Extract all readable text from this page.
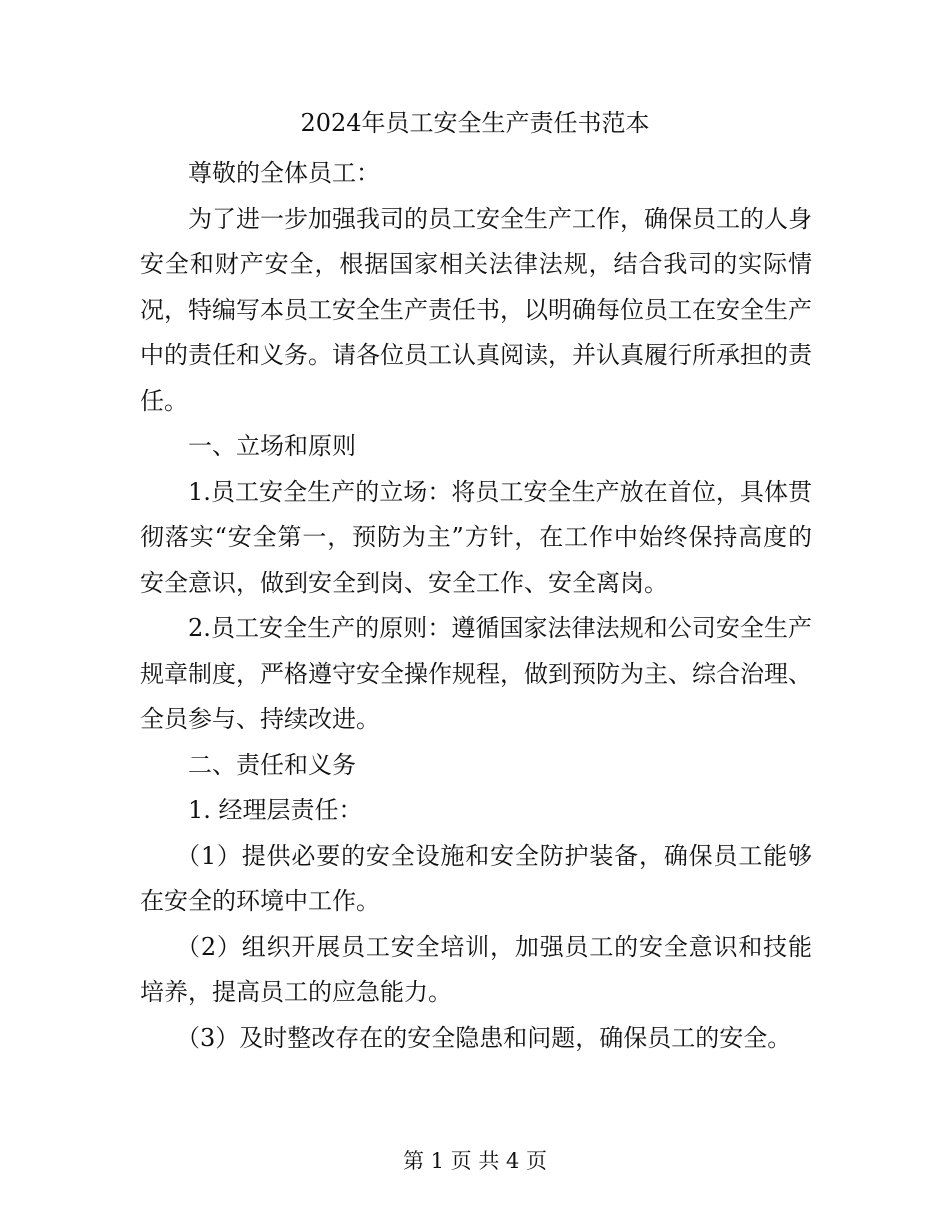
2024年员工安全生产责任书范本

尊敬的全体员工：

为了进一步加强我司的员工安全生产工作，确保员工的人身安全和财产安全，根据国家相关法律法规，结合我司的实际情况，特编写本员工安全生产责任书，以明确每位员工在安全生产中的责任和义务。请各位员工认真阅读，并认真履行所承担的责任。

一、立场和原则

1.员工安全生产的立场：将员工安全生产放在首位，具体贯彻落实“安全第一，预防为主”方针，在工作中始终保持高度的安全意识，做到安全到岗、安全工作、安全离岗。

2.员工安全生产的原则：遵循国家法律法规和公司安全生产规章制度，严格遵守安全操作规程，做到预防为主、综合治理、全员参与、持续改进。

二、责任和义务

1. 经理层责任：

（1）提供必要的安全设施和安全防护装备，确保员工能够在安全的环境中工作。

（2）组织开展员工安全培训，加强员工的安全意识和技能培养，提高员工的应急能力。

（3）及时整改存在的安全隐患和问题，确保员工的安全。

第 1 页 共 4 页
